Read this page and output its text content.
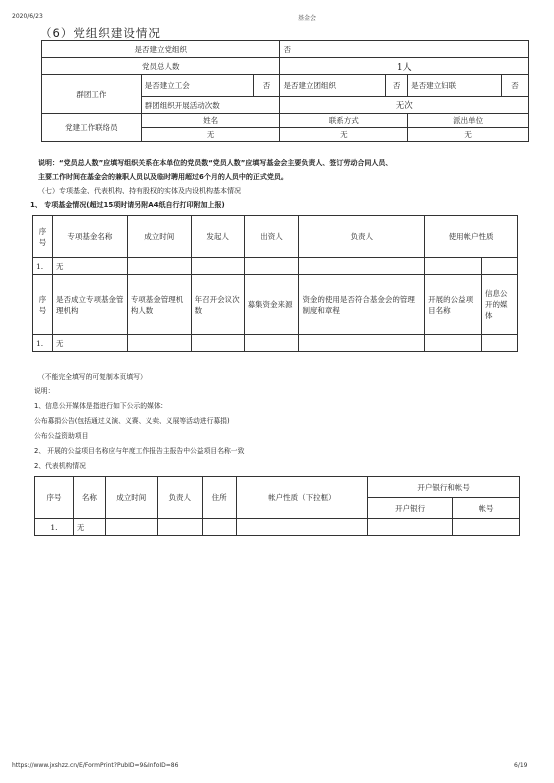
2020/6/23	基金会
（6）党组织建设情况
是否建立党组织			否			
党员总人数			1人			
群团工作	是否建立工会	否	是否建立团组织	否	是否建立妇联	否
	群团组织开展活动次数		无次			
党建工作联络员	姓名		联系方式		派出单位	
	无		无		无	
说明：“党员总人数”应填写组织关系在本单位的党员数“党员人数”应填写基金会主要负责人、签订劳动合同人员、
主要工作时间在基金会的兼职人员以及临时聘用超过6个月的人员中的正式党员。
（七）专项基金、代表机构、持有股权的实体及内设机构基本情况
1、 专项基金情况(超过15项时请另附A4纸自行打印附加上报)
序号	专项基金名称	成立时间	发起人	出资人	负责人	使用帐户性质	
1.	无						
序号	是否成立专项基金管理机构	专项基金管理机构人数	年召开会议次数	募集资金来源	资金的使用是否符合基金会的管理制度和章程	开展的公益项目名称	信息公开的媒体
1.	无						
（不能完全填写的可复制本页填写）
说明：
1、信息公开媒体是指进行如下公示的媒体:
公布募捐公告(包括通过义演、义赛、义卖、义展等活动进行募捐)
公布公益资助项目
2、 开展的公益项目名称应与年度工作报告主报告中公益项目名称一致
2、代表机构情况
序号	名称	成立时间	负责人	住所	帐户性质（下拉框）	开户银行和帐号	
						开户银行	帐号
1.	无						
https://www.jxshzz.cn/E/FormPrint?PubID=9&InfoID=86	6/19
